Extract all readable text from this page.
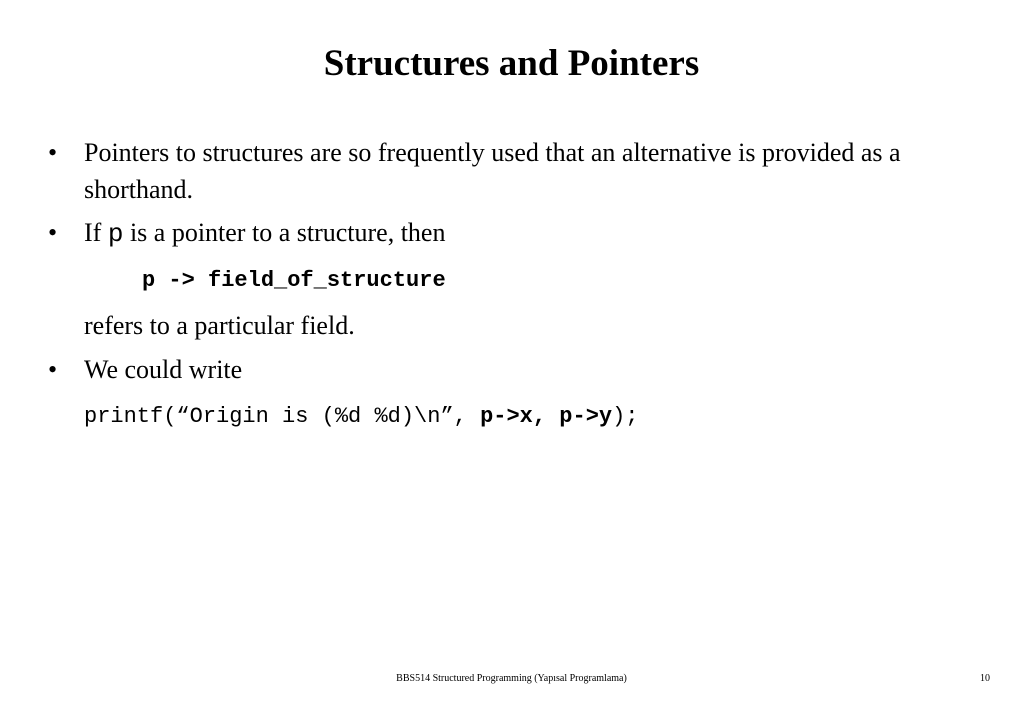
Structures and Pointers
• Pointers to structures are so frequently used that an alternative is provided as a shorthand.
• If p is a pointer to a structure, then
p -> field_of_structure
refers to a particular field.
• We could write
printf(“Origin is (%d %d)\n”, p->x, p->y);
BBS514 Structured Programming (Yapısal Programlama)	10
